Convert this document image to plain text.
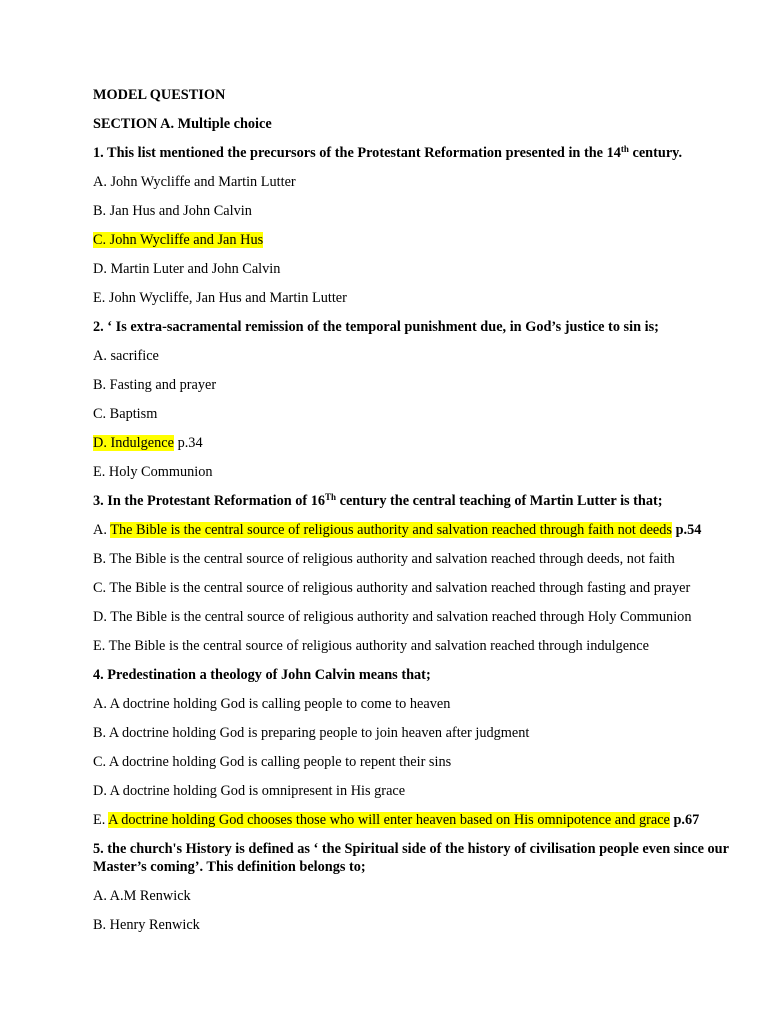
MODEL QUESTION
SECTION A. Multiple choice
1. This list mentioned the precursors of the Protestant Reformation presented in the 14th century.
A. John Wycliffe and Martin Lutter
B. Jan Hus and John Calvin
C. John Wycliffe and Jan Hus
D. Martin Luter and John Calvin
E. John Wycliffe, Jan Hus and Martin Lutter
2. ‘ Is extra-sacramental remission of the temporal punishment due, in God’s justice to sin is;
A. sacrifice
B. Fasting and prayer
C. Baptism
D. Indulgence p.34
E. Holy Communion
3. In the Protestant Reformation of 16Th century the central teaching of Martin Lutter is that;
A. The Bible is the central source of religious authority and salvation reached through faith not deeds p.54
B. The Bible is the central source of religious authority and salvation reached through deeds, not faith
C. The Bible is the central source of religious authority and salvation reached through fasting and prayer
D. The Bible is the central source of religious authority and salvation reached through Holy Communion
E. The Bible is the central source of religious authority and salvation reached through indulgence
4. Predestination a theology of John Calvin means that;
A. A doctrine holding God is calling people to come to heaven
B. A doctrine holding God is preparing people to join heaven after judgment
C. A doctrine holding God is calling people to repent their sins
D. A doctrine holding God is omnipresent in His grace
E. A doctrine holding God chooses those who will enter heaven based on His omnipotence and grace p.67
5. the church's History is defined as ‘ the Spiritual side of the history of civilisation people even since our Master’s coming’. This definition belongs to;
A. A.M Renwick
B. Henry Renwick
